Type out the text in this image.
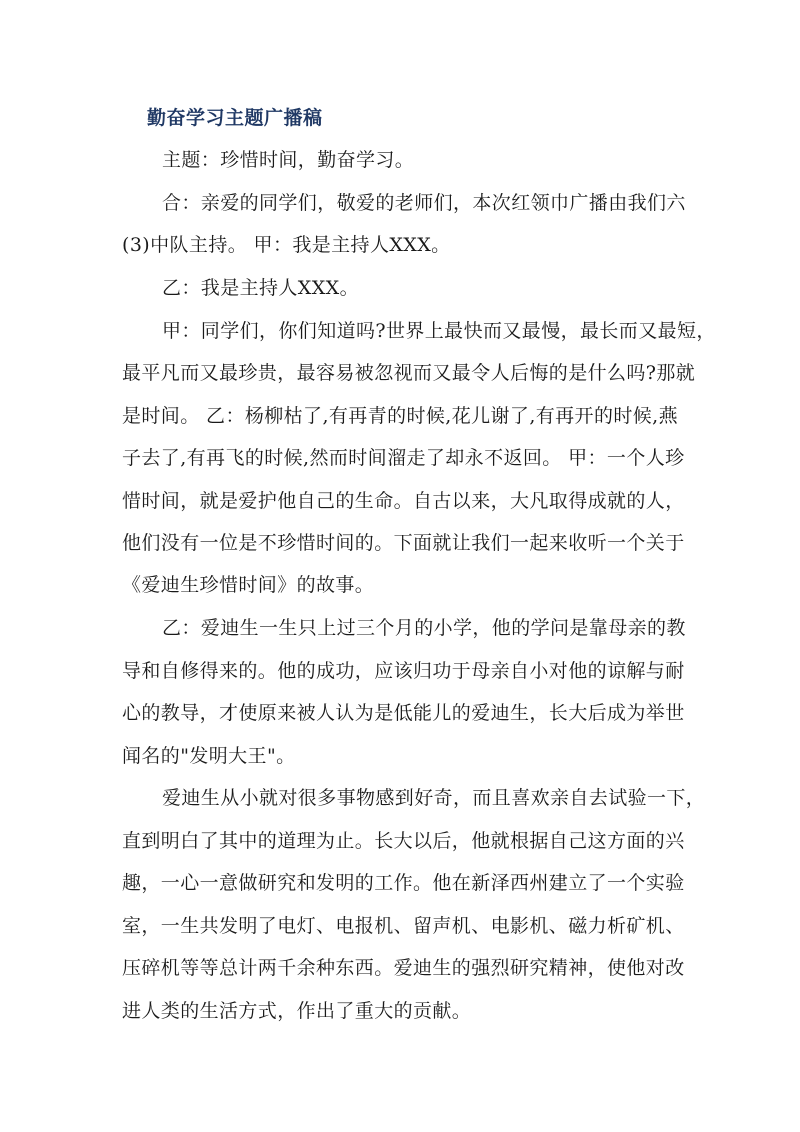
勤奋学习主题广播稿
主题：珍惜时间，勤奋学习。
合：亲爱的同学们，敬爱的老师们，本次红领巾广播由我们六
(3)中队主持。 甲：我是主持人XXX。
乙：我是主持人XXX。
甲：同学们，你们知道吗?世界上最快而又最慢，最长而又最短，
最平凡而又最珍贵，最容易被忽视而又最令人后悔的是什么吗?那就
是时间。 乙：杨柳枯了,有再青的时候,花儿谢了,有再开的时候,燕
子去了,有再飞的时候,然而时间溜走了却永不返回。 甲：一个人珍
惜时间，就是爱护他自己的生命。自古以来，大凡取得成就的人，
他们没有一位是不珍惜时间的。下面就让我们一起来收听一个关于
《爱迪生珍惜时间》的故事。
乙：爱迪生一生只上过三个月的小学，他的学问是靠母亲的教
导和自修得来的。他的成功，应该归功于母亲自小对他的谅解与耐
心的教导，才使原来被人认为是低能儿的爱迪生，长大后成为举世
闻名的"发明大王"。
爱迪生从小就对很多事物感到好奇，而且喜欢亲自去试验一下，
直到明白了其中的道理为止。长大以后，他就根据自己这方面的兴
趣，一心一意做研究和发明的工作。他在新泽西州建立了一个实验
室，一生共发明了电灯、电报机、留声机、电影机、磁力析矿机、
压碎机等等总计两千余种东西。爱迪生的强烈研究精神，使他对改
进人类的生活方式，作出了重大的贡献。
